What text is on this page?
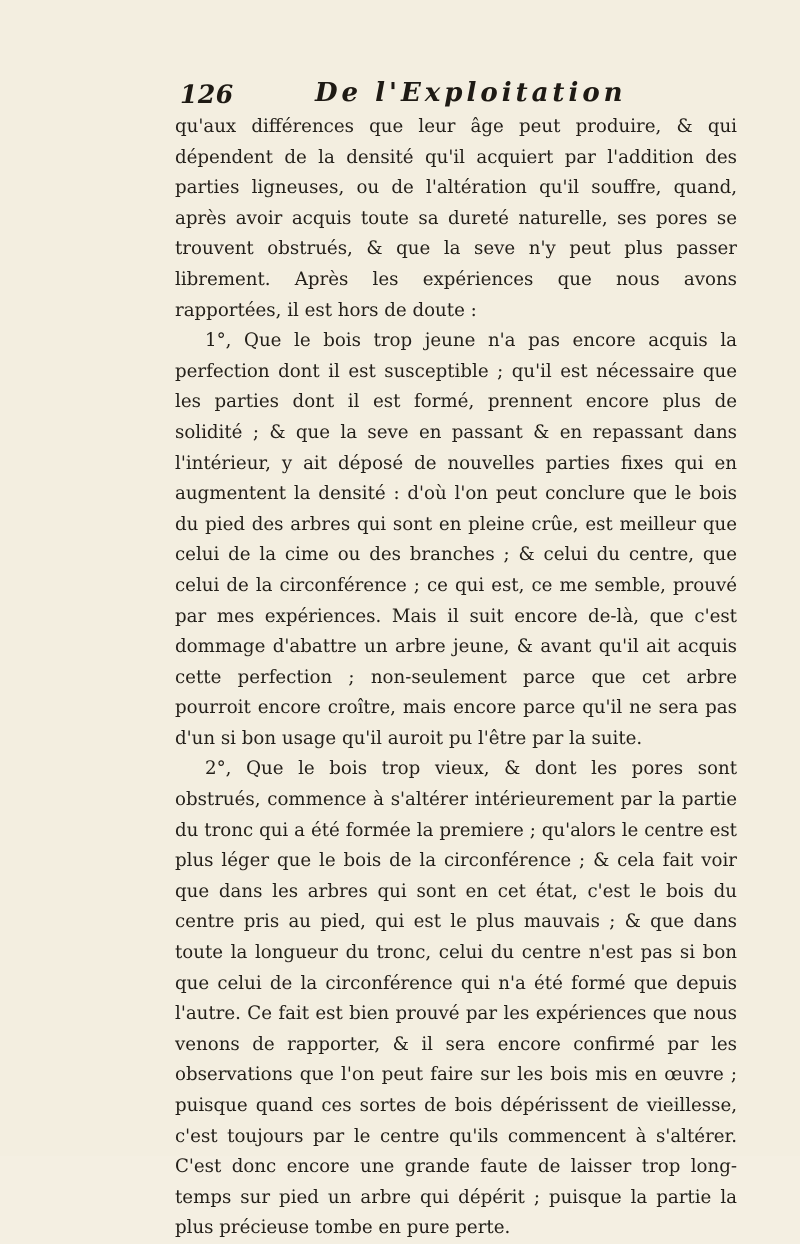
126	De l'Exploitation

qu'aux différences que leur âge peut produire, & qui dépendent de la densité qu'il acquiert par l'addition des parties ligneuses, ou de l'altération qu'il souffre, quand, après avoir acquis toute sa dureté naturelle, ses pores se trouvent obstrués, & que la seve n'y peut plus passer librement. Après les expériences que nous avons rapportées, il est hors de doute :

1°, Que le bois trop jeune n'a pas encore acquis la perfection dont il est susceptible ; qu'il est nécessaire que les parties dont il est formé, prennent encore plus de solidité ; & que la seve en passant & en repassant dans l'intérieur, y ait déposé de nouvelles parties fixes qui en augmentent la densité : d'où l'on peut conclure que le bois du pied des arbres qui sont en pleine crûe, est meilleur que celui de la cime ou des branches ; & celui du centre, que celui de la circonférence ; ce qui est, ce me semble, prouvé par mes expériences. Mais il suit encore de-là, que c'est dommage d'abattre un arbre jeune, & avant qu'il ait acquis cette perfection ; non-seulement parce que cet arbre pourroit encore croître, mais encore parce qu'il ne sera pas d'un si bon usage qu'il auroit pu l'être par la suite.

2°, Que le bois trop vieux, & dont les pores sont obstrués, commence à s'altérer intérieurement par la partie du tronc qui a été formée la premiere ; qu'alors le centre est plus léger que le bois de la circonférence ; & cela fait voir que dans les arbres qui sont en cet état, c'est le bois du centre pris au pied, qui est le plus mauvais ; & que dans toute la longueur du tronc, celui du centre n'est pas si bon que celui de la circonférence qui n'a été formé que depuis l'autre. Ce fait est bien prouvé par les expériences que nous venons de rapporter, & il sera encore confirmé par les observations que l'on peut faire sur les bois mis en œuvre ; puisque quand ces sortes de bois dépérissent de vieillesse, c'est toujours par le centre qu'ils commencent à s'altérer. C'est donc encore une grande faute de laisser trop long-temps sur pied un arbre qui dépérit ; puisque la partie la plus précieuse tombe en pure perte.
